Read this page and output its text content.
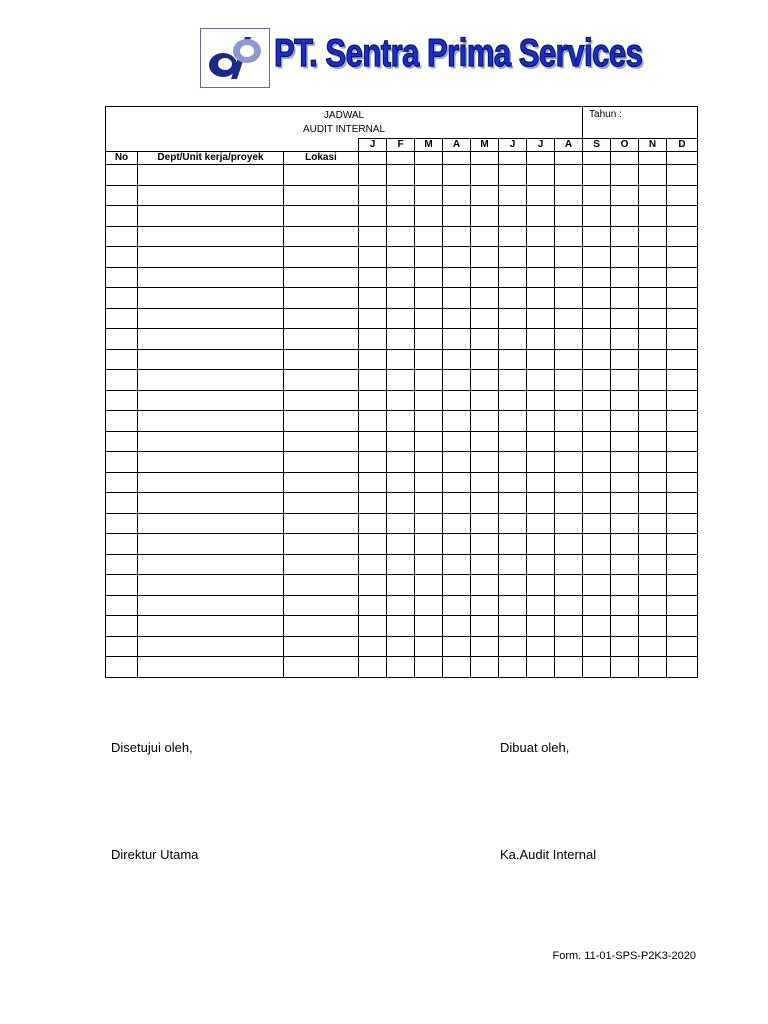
PT. Sentra Prima Services
JADWAL
AUDIT INTERNAL											Tahun :			
			J	F	M	A	M	J	J	A	S	O	N	D
No	Dept/Unit kerja/proyek	Lokasi												

Disetujui oleh,	Dibuat oleh,
Direktur Utama	Ka.Audit Internal
Form. 11-01-SPS-P2K3-2020
